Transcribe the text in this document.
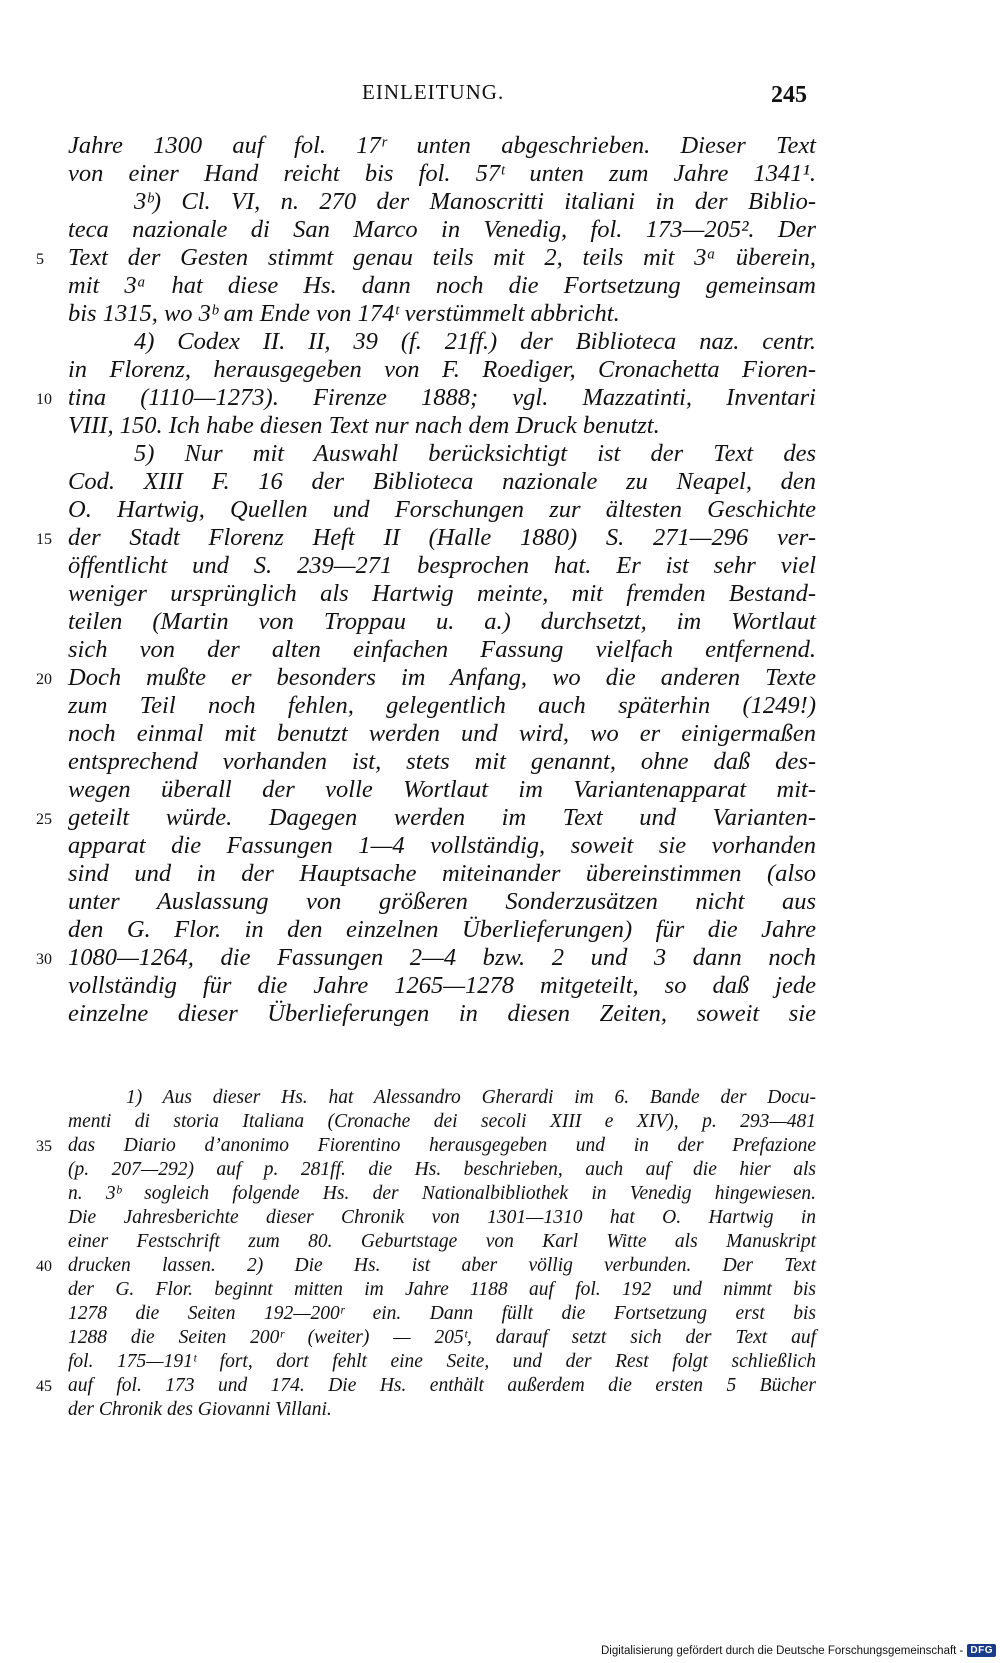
EINLEITUNG.	245
Jahre 1300 auf fol. 17ʳ unten abgeschrieben. Dieser Text
von einer Hand reicht bis fol. 57ᵗ unten zum Jahre 1341¹.
3ᵇ) Cl. VI, n. 270 der Manoscritti italiani in der Biblio-
teca nazionale di San Marco in Venedig, fol. 173—205². Der
Text der Gesten stimmt genau teils mit 2, teils mit 3ᵃ überein,
mit 3ᵃ hat diese Hs. dann noch die Fortsetzung gemeinsam
bis 1315, wo 3ᵇ am Ende von 174ᵗ verstümmelt abbricht.
4) Codex II. II, 39 (f. 21ff.) der Biblioteca naz. centr.
in Florenz, herausgegeben von F. Roediger, Cronachetta Fioren-
tina (1110—1273). Firenze 1888; vgl. Mazzatinti, Inventari
VIII, 150. Ich habe diesen Text nur nach dem Druck benutzt.
5) Nur mit Auswahl berücksichtigt ist der Text des
Cod. XIII F. 16 der Biblioteca nazionale zu Neapel, den
O. Hartwig, Quellen und Forschungen zur ältesten Geschichte
der Stadt Florenz Heft II (Halle 1880) S. 271—296 ver-
öffentlicht und S. 239—271 besprochen hat. Er ist sehr viel
weniger ursprünglich als Hartwig meinte, mit fremden Bestand-
teilen (Martin von Troppau u. a.) durchsetzt, im Wortlaut
sich von der alten einfachen Fassung vielfach entfernend.
Doch mußte er besonders im Anfang, wo die anderen Texte
zum Teil noch fehlen, gelegentlich auch späterhin (1249!)
noch einmal mit benutzt werden und wird, wo er einigermaßen
entsprechend vorhanden ist, stets mit genannt, ohne daß des-
wegen überall der volle Wortlaut im Variantenapparat mit-
geteilt würde. Dagegen werden im Text und Varianten-
apparat die Fassungen 1—4 vollständig, soweit sie vorhanden
sind und in der Hauptsache miteinander übereinstimmen (also
unter Auslassung von größeren Sonderzusätzen nicht aus
den G. Flor. in den einzelnen Überlieferungen) für die Jahre
1080—1264, die Fassungen 2—4 bzw. 2 und 3 dann noch
vollständig für die Jahre 1265—1278 mitgeteilt, so daß jede
einzelne dieser Überlieferungen in diesen Zeiten, soweit sie
5
10
15
20
25
30
1) Aus dieser Hs. hat Alessandro Gherardi im 6. Bande der Docu-
menti di storia Italiana (Cronache dei secoli XIII e XIV), p. 293—481
das Diario d’anonimo Fiorentino herausgegeben und in der Prefazione
(p. 207—292) auf p. 281ff. die Hs. beschrieben, auch auf die hier als
n. 3ᵇ sogleich folgende Hs. der Nationalbibliothek in Venedig hingewiesen.
Die Jahresberichte dieser Chronik von 1301—1310 hat O. Hartwig in
einer Festschrift zum 80. Geburtstage von Karl Witte als Manuskript
drucken lassen. 2) Die Hs. ist aber völlig verbunden. Der Text
der G. Flor. beginnt mitten im Jahre 1188 auf fol. 192 und nimmt bis
1278 die Seiten 192—200ʳ ein. Dann füllt die Fortsetzung erst bis
1288 die Seiten 200ʳ (weiter) — 205ᵗ, darauf setzt sich der Text auf
fol. 175—191ᵗ fort, dort fehlt eine Seite, und der Rest folgt schließlich
auf fol. 173 und 174. Die Hs. enthält außerdem die ersten 5 Bücher
der Chronik des Giovanni Villani.
35
40
45
Digitalisierung gefördert durch die Deutsche Forschungsgemeinschaft - DFG
